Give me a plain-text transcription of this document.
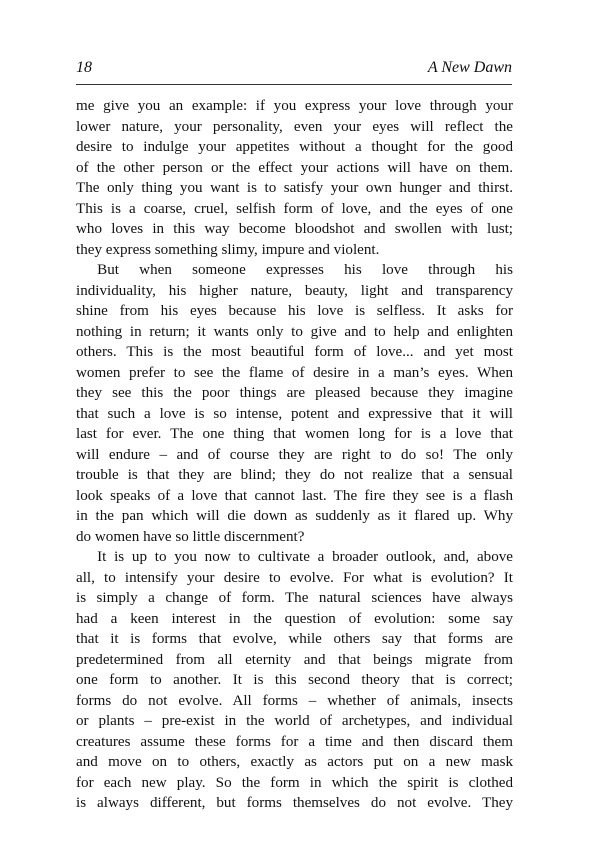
18	A New Dawn

me give you an example: if you express your love through your

lower nature, your personality, even your eyes will reflect the

desire to indulge your appetites without a thought for the good

of the other person or the effect your actions will have on them.

The only thing you want is to satisfy your own hunger and thirst.

This is a coarse, cruel, selfish form of love, and the eyes of one

who loves in this way become bloodshot and swollen with lust;

they express something slimy, impure and violent.

But when someone expresses his love through his

individuality, his higher nature, beauty, light and transparency

shine from his eyes because his love is selfless. It asks for

nothing in return; it wants only to give and to help and enlighten

others. This is the most beautiful form of love... and yet most

women prefer to see the flame of desire in a man’s eyes. When

they see this the poor things are pleased because they imagine

that such a love is so intense, potent and expressive that it will

last for ever. The one thing that women long for is a love that

will endure – and of course they are right to do so! The only

trouble is that they are blind; they do not realize that a sensual

look speaks of a love that cannot last. The fire they see is a flash

in the pan which will die down as suddenly as it flared up. Why

do women have so little discernment?

It is up to you now to cultivate a broader outlook, and, above

all, to intensify your desire to evolve. For what is evolution? It

is simply a change of form. The natural sciences have always

had a keen interest in the question of evolution: some say

that it is forms that evolve, while others say that forms are

predetermined from all eternity and that beings migrate from

one form to another. It is this second theory that is correct;

forms do not evolve. All forms – whether of animals, insects

or plants – pre-exist in the world of archetypes, and individual

creatures assume these forms for a time and then discard them

and move on to others, exactly as actors put on a new mask

for each new play. So the form in which the spirit is clothed

is always different, but forms themselves do not evolve. They
